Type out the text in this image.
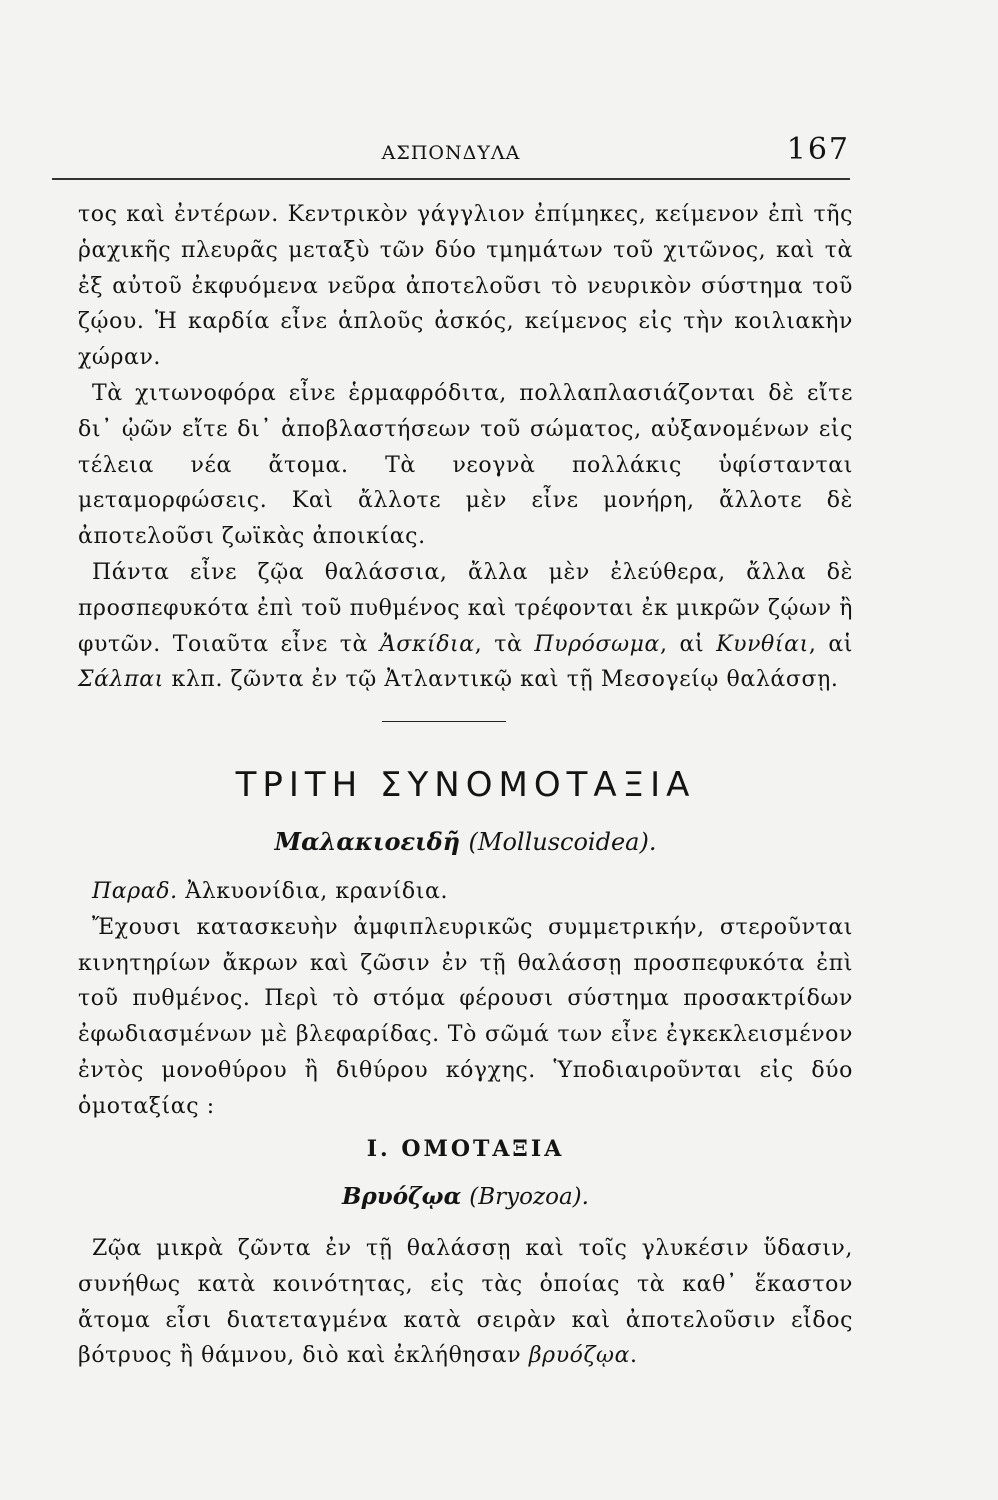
ΑΣΠΟΝΔΥΛΑ	167

τος καὶ ἐντέρων. Κεντρικὸν γάγγλιον ἐπίμηκες, κείμενον ἐπὶ τῆς ῥαχικῆς πλευρᾶς μεταξὺ τῶν δύο τμημάτων τοῦ χιτῶνος, καὶ τὰ ἐξ αὐτοῦ ἐκφυόμενα νεῦρα ἀποτελοῦσι τὸ νευρικὸν σύστημα τοῦ ζῴου. Ἡ καρδία εἶνε ἁπλοῦς ἀσκός, κείμενος εἰς τὴν κοιλιακὴν χώραν.

Τὰ χιτωνοφόρα εἶνε ἑρμαφρόδιτα, πολλαπλασιάζονται δὲ εἴτε δι᾿ ᾠῶν εἴτε δι᾿ ἀποβλαστήσεων τοῦ σώματος, αὐξανομένων εἰς τέλεια νέα ἄτομα. Τὰ νεογνὰ πολλάκις ὑφίστανται μεταμορφώσεις. Καὶ ἄλλοτε μὲν εἶνε μονήρη, ἄλλοτε δὲ ἀποτελοῦσι ζωϊκὰς ἀποικίας.

Πάντα εἶνε ζῷα θαλάσσια, ἄλλα μὲν ἐλεύθερα, ἄλλα δὲ προσπεφυκότα ἐπὶ τοῦ πυθμένος καὶ τρέφονται ἐκ μικρῶν ζῴων ἢ φυτῶν. Τοιαῦτα εἶνε τὰ Ἀσκίδια, τὰ Πυρόσωμα, αἱ Κυνθίαι, αἱ Σάλπαι κλπ. ζῶντα ἐν τῷ Ἀτλαντικῷ καὶ τῇ Μεσογείῳ θαλάσσῃ.

ΤΡΙΤΗ ΣΥΝΟΜΟΤΑΞΙΑ
Μαλακιοειδῆ (Molluscoidea).

Παραδ. Ἀλκυονίδια, κρανίδια.

Ἔχουσι κατασκευὴν ἀμφιπλευρικῶς συμμετρικήν, στεροῦνται κινητηρίων ἄκρων καὶ ζῶσιν ἐν τῇ θαλάσσῃ προσπεφυκότα ἐπὶ τοῦ πυθμένος. Περὶ τὸ στόμα φέρουσι σύστημα προσακτρίδων ἐφωδιασμένων μὲ βλεφαρίδας. Τὸ σῶμά των εἶνε ἐγκεκλεισμένον ἐντὸς μονοθύρου ἢ διθύρου κόγχης. Ὑποδιαιροῦνται εἰς δύο ὁμοταξίας :

Ι. ΟΜΟΤΑΞΙΑ
Βρυόζῳα (Bryozoa).

Ζῷα μικρὰ ζῶντα ἐν τῇ θαλάσσῃ καὶ τοῖς γλυκέσιν ὕδασιν, συνήθως κατὰ κοινότητας, εἰς τὰς ὁποίας τὰ καθ᾿ ἕκαστον ἄτομα εἶσι διατεταγμένα κατὰ σειρὰν καὶ ἀποτελοῦσιν εἶδος βότρυος ἢ θάμνου, διὸ καὶ ἐκλήθησαν βρυόζῳα.
